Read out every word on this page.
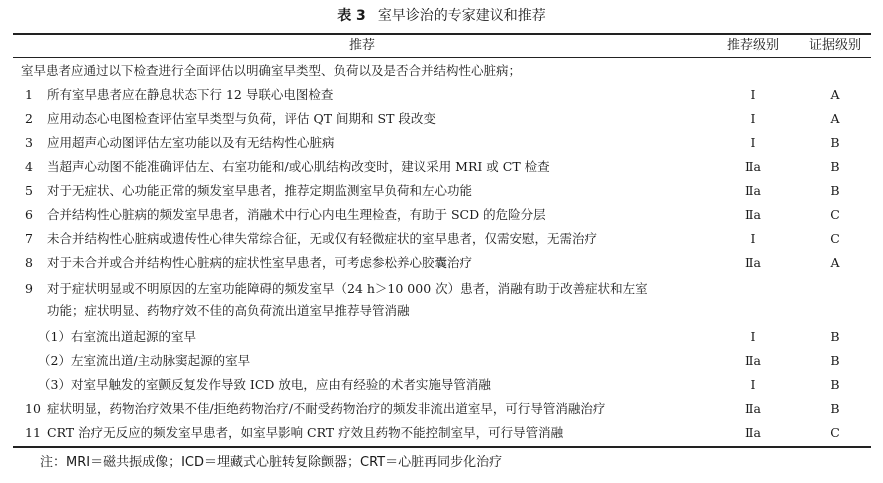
表 3 室早诊治的专家建议和推荐
推荐	推荐级别	证据级别
室早患者应通过以下检查进行全面评估以明确室早类型、负荷以及是否合并结构性心脏病；
1 所有室早患者应在静息状态下行 12 导联心电图检查	Ⅰ	A
2 应用动态心电图检查评估室早类型与负荷，评估 QT 间期和 ST 段改变	Ⅰ	A
3 应用超声心动图评估左室功能以及有无结构性心脏病	Ⅰ	B
4 当超声心动图不能准确评估左、右室功能和/或心肌结构改变时，建议采用 MRI 或 CT 检查	Ⅱa	B
5 对于无症状、心功能正常的频发室早患者，推荐定期监测室早负荷和左心功能	Ⅱa	B
6 合并结构性心脏病的频发室早患者，消融术中行心内电生理检查，有助于 SCD 的危险分层	Ⅱa	C
7 未合并结构性心脏病或遗传性心律失常综合征，无或仅有轻微症状的室早患者，仅需安慰，无需治疗	Ⅰ	C
8 对于未合并或合并结构性心脏病的症状性室早患者，可考虑参松养心胶囊治疗	Ⅱa	A
9 对于症状明显或不明原因的左室功能障碍的频发室早（24 h＞10 000 次）患者，消融有助于改善症状和左室
功能；症状明显、药物疗效不佳的高负荷流出道室早推荐导管消融
（1）右室流出道起源的室早	Ⅰ	B
（2）左室流出道/主动脉窦起源的室早	Ⅱa	B
（3）对室早触发的室颤反复发作导致 ICD 放电，应由有经验的术者实施导管消融	Ⅰ	B
10 症状明显，药物治疗效果不佳/拒绝药物治疗/不耐受药物治疗的频发非流出道室早，可行导管消融治疗	Ⅱa	B
11 CRT 治疗无反应的频发室早患者，如室早影响 CRT 疗效且药物不能控制室早，可行导管消融	Ⅱa	C
注：MRI＝磁共振成像；ICD＝埋藏式心脏转复除颤器；CRT＝心脏再同步化治疗
